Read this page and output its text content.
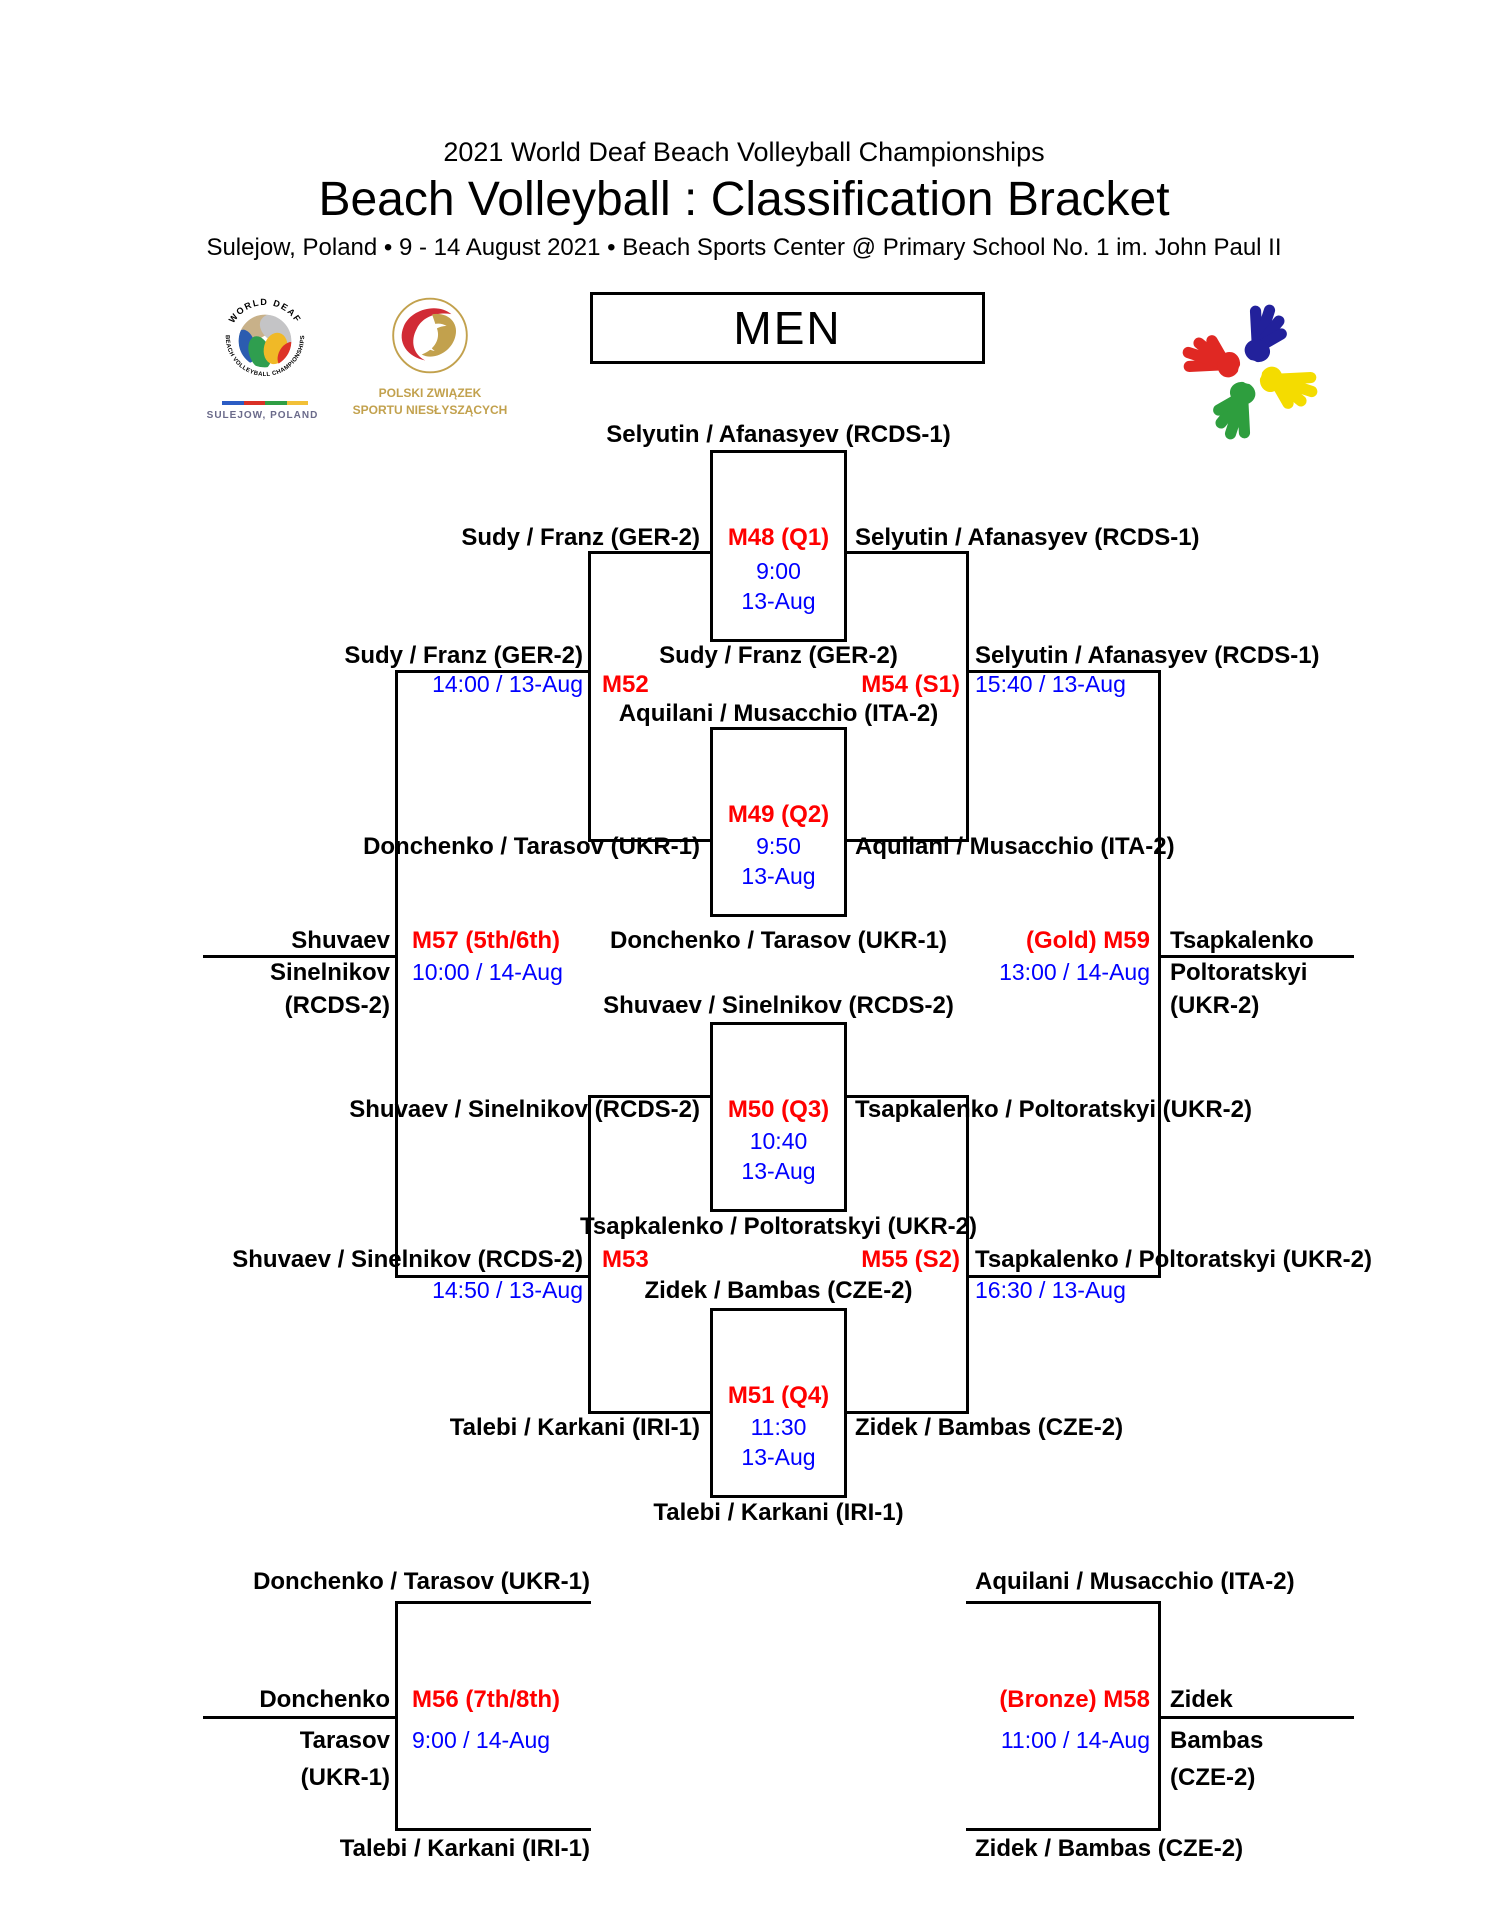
2021 World Deaf Beach Volleyball Championships
Beach Volleyball : Classification Bracket
Sulejow, Poland • 9 - 14 August 2021 • Beach Sports Center @ Primary School No. 1 im. John Paul II
MEN
WORLD DEAF
BEACH VOLLEYBALL CHAMPIONSHIPS
SULEJOW, POLAND
POLSKI ZWIĄZEK
SPORTU NIESŁYSZĄCYCH
Selyutin / Afanasyev (RCDS-1)
M48 (Q1)
9:00
13-Aug
Sudy / Franz (GER-2)
Aquilani / Musacchio (ITA-2)
M49 (Q2)
9:50
13-Aug
Donchenko / Tarasov (UKR-1)
Shuvaev / Sinelnikov (RCDS-2)
M50 (Q3)
10:40
13-Aug
Tsapkalenko / Poltoratskyi (UKR-2)
Zidek / Bambas (CZE-2)
M51 (Q4)
11:30
13-Aug
Talebi / Karkani (IRI-1)
Sudy / Franz (GER-2)	Selyutin / Afanasyev (RCDS-1)
Donchenko / Tarasov (UKR-1)	Aquilani / Musacchio (ITA-2)
Shuvaev / Sinelnikov (RCDS-2)	Tsapkalenko / Poltoratskyi (UKR-2)
Talebi / Karkani (IRI-1)	Zidek / Bambas (CZE-2)
Sudy / Franz (GER-2)
14:00 / 13-Aug M52
Selyutin / Afanasyev (RCDS-1)
15:40 / 13-Aug
M54 (S1)
Shuvaev
Sinelnikov
(RCDS-2)
M57 (5th/6th)
10:00 / 14-Aug
(Gold) M59
13:00 / 14-Aug
Tsapkalenko
Poltoratskyi
(UKR-2)
Shuvaev / Sinelnikov (RCDS-2)
14:50 / 13-Aug
M53	Tsapkalenko / Poltoratskyi (UKR-2)
16:30 / 13-Aug
M55 (S2)
Donchenko / Tarasov (UKR-1)	Aquilani / Musacchio (ITA-2)
Donchenko
Tarasov
(UKR-1)
M56 (7th/8th)
9:00 / 14-Aug
(Bronze) M58
11:00 / 14-Aug
Zidek
Bambas
(CZE-2)
Talebi / Karkani (IRI-1)	Zidek / Bambas (CZE-2)
